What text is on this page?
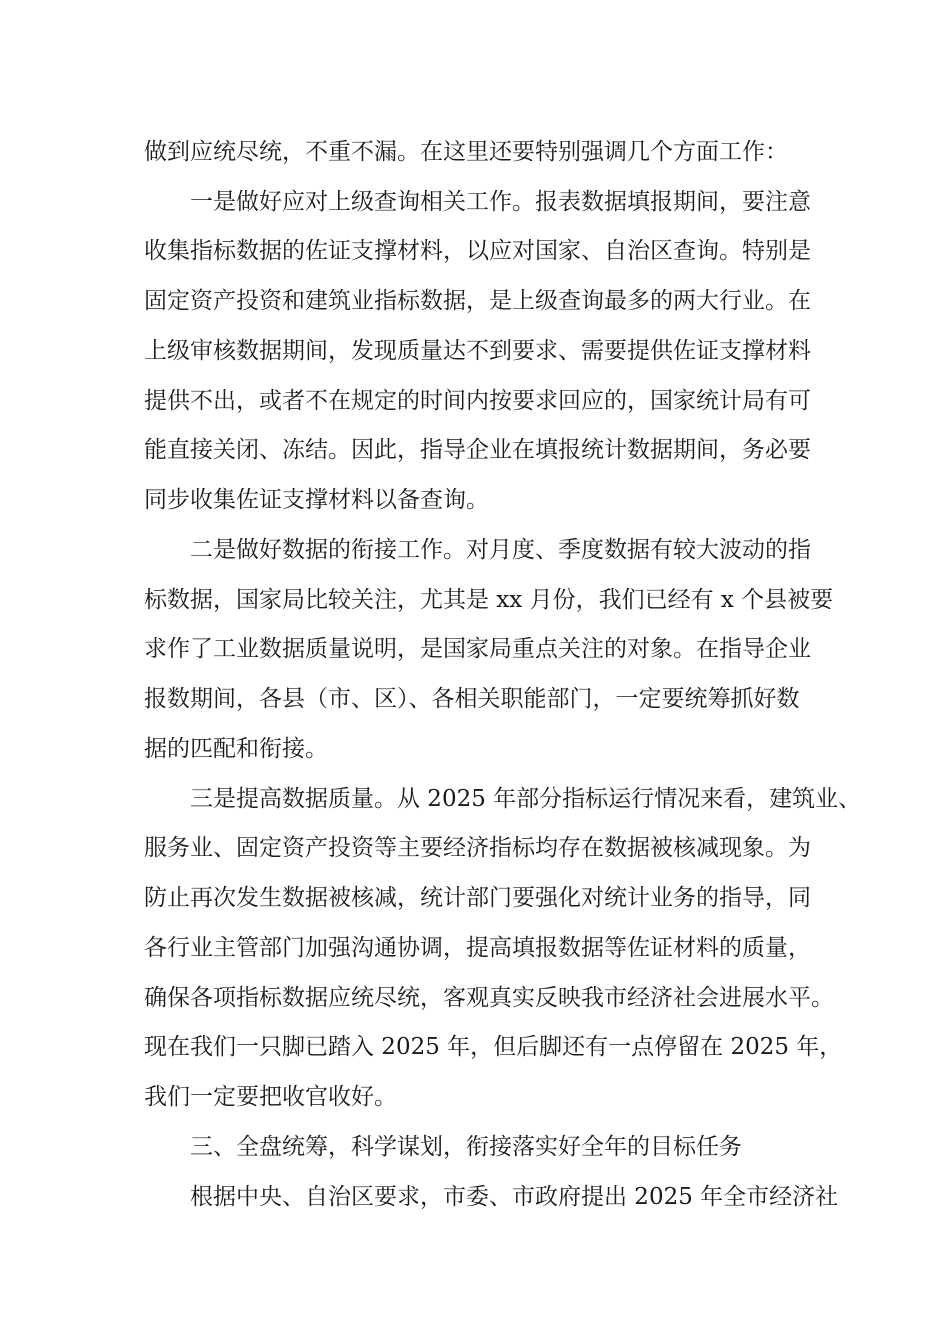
做到应统尽统，不重不漏。在这里还要特别强调几个方面工作：
一是做好应对上级查询相关工作。报表数据填报期间，要注意
收集指标数据的佐证支撑材料，以应对国家、自治区查询。特别是
固定资产投资和建筑业指标数据，是上级查询最多的两大行业。在
上级审核数据期间，发现质量达不到要求、需要提供佐证支撑材料
提供不出，或者不在规定的时间内按要求回应的，国家统计局有可
能直接关闭、冻结。因此，指导企业在填报统计数据期间，务必要
同步收集佐证支撑材料以备查询。
二是做好数据的衔接工作。对月度、季度数据有较大波动的指
标数据，国家局比较关注，尤其是 xx 月份，我们已经有 x 个县被要
求作了工业数据质量说明，是国家局重点关注的对象。在指导企业
报数期间，各县（市、区）、各相关职能部门，一定要统筹抓好数
据的匹配和衔接。
三是提高数据质量。从 2025 年部分指标运行情况来看，建筑业、
服务业、固定资产投资等主要经济指标均存在数据被核减现象。为
防止再次发生数据被核减，统计部门要强化对统计业务的指导，同
各行业主管部门加强沟通协调，提高填报数据等佐证材料的质量，
确保各项指标数据应统尽统，客观真实反映我市经济社会进展水平。
现在我们一只脚已踏入 2025 年，但后脚还有一点停留在 2025 年，
我们一定要把收官收好。
三、全盘统筹，科学谋划，衔接落实好全年的目标任务
根据中央、自治区要求，市委、市政府提出 2025 年全市经济社
